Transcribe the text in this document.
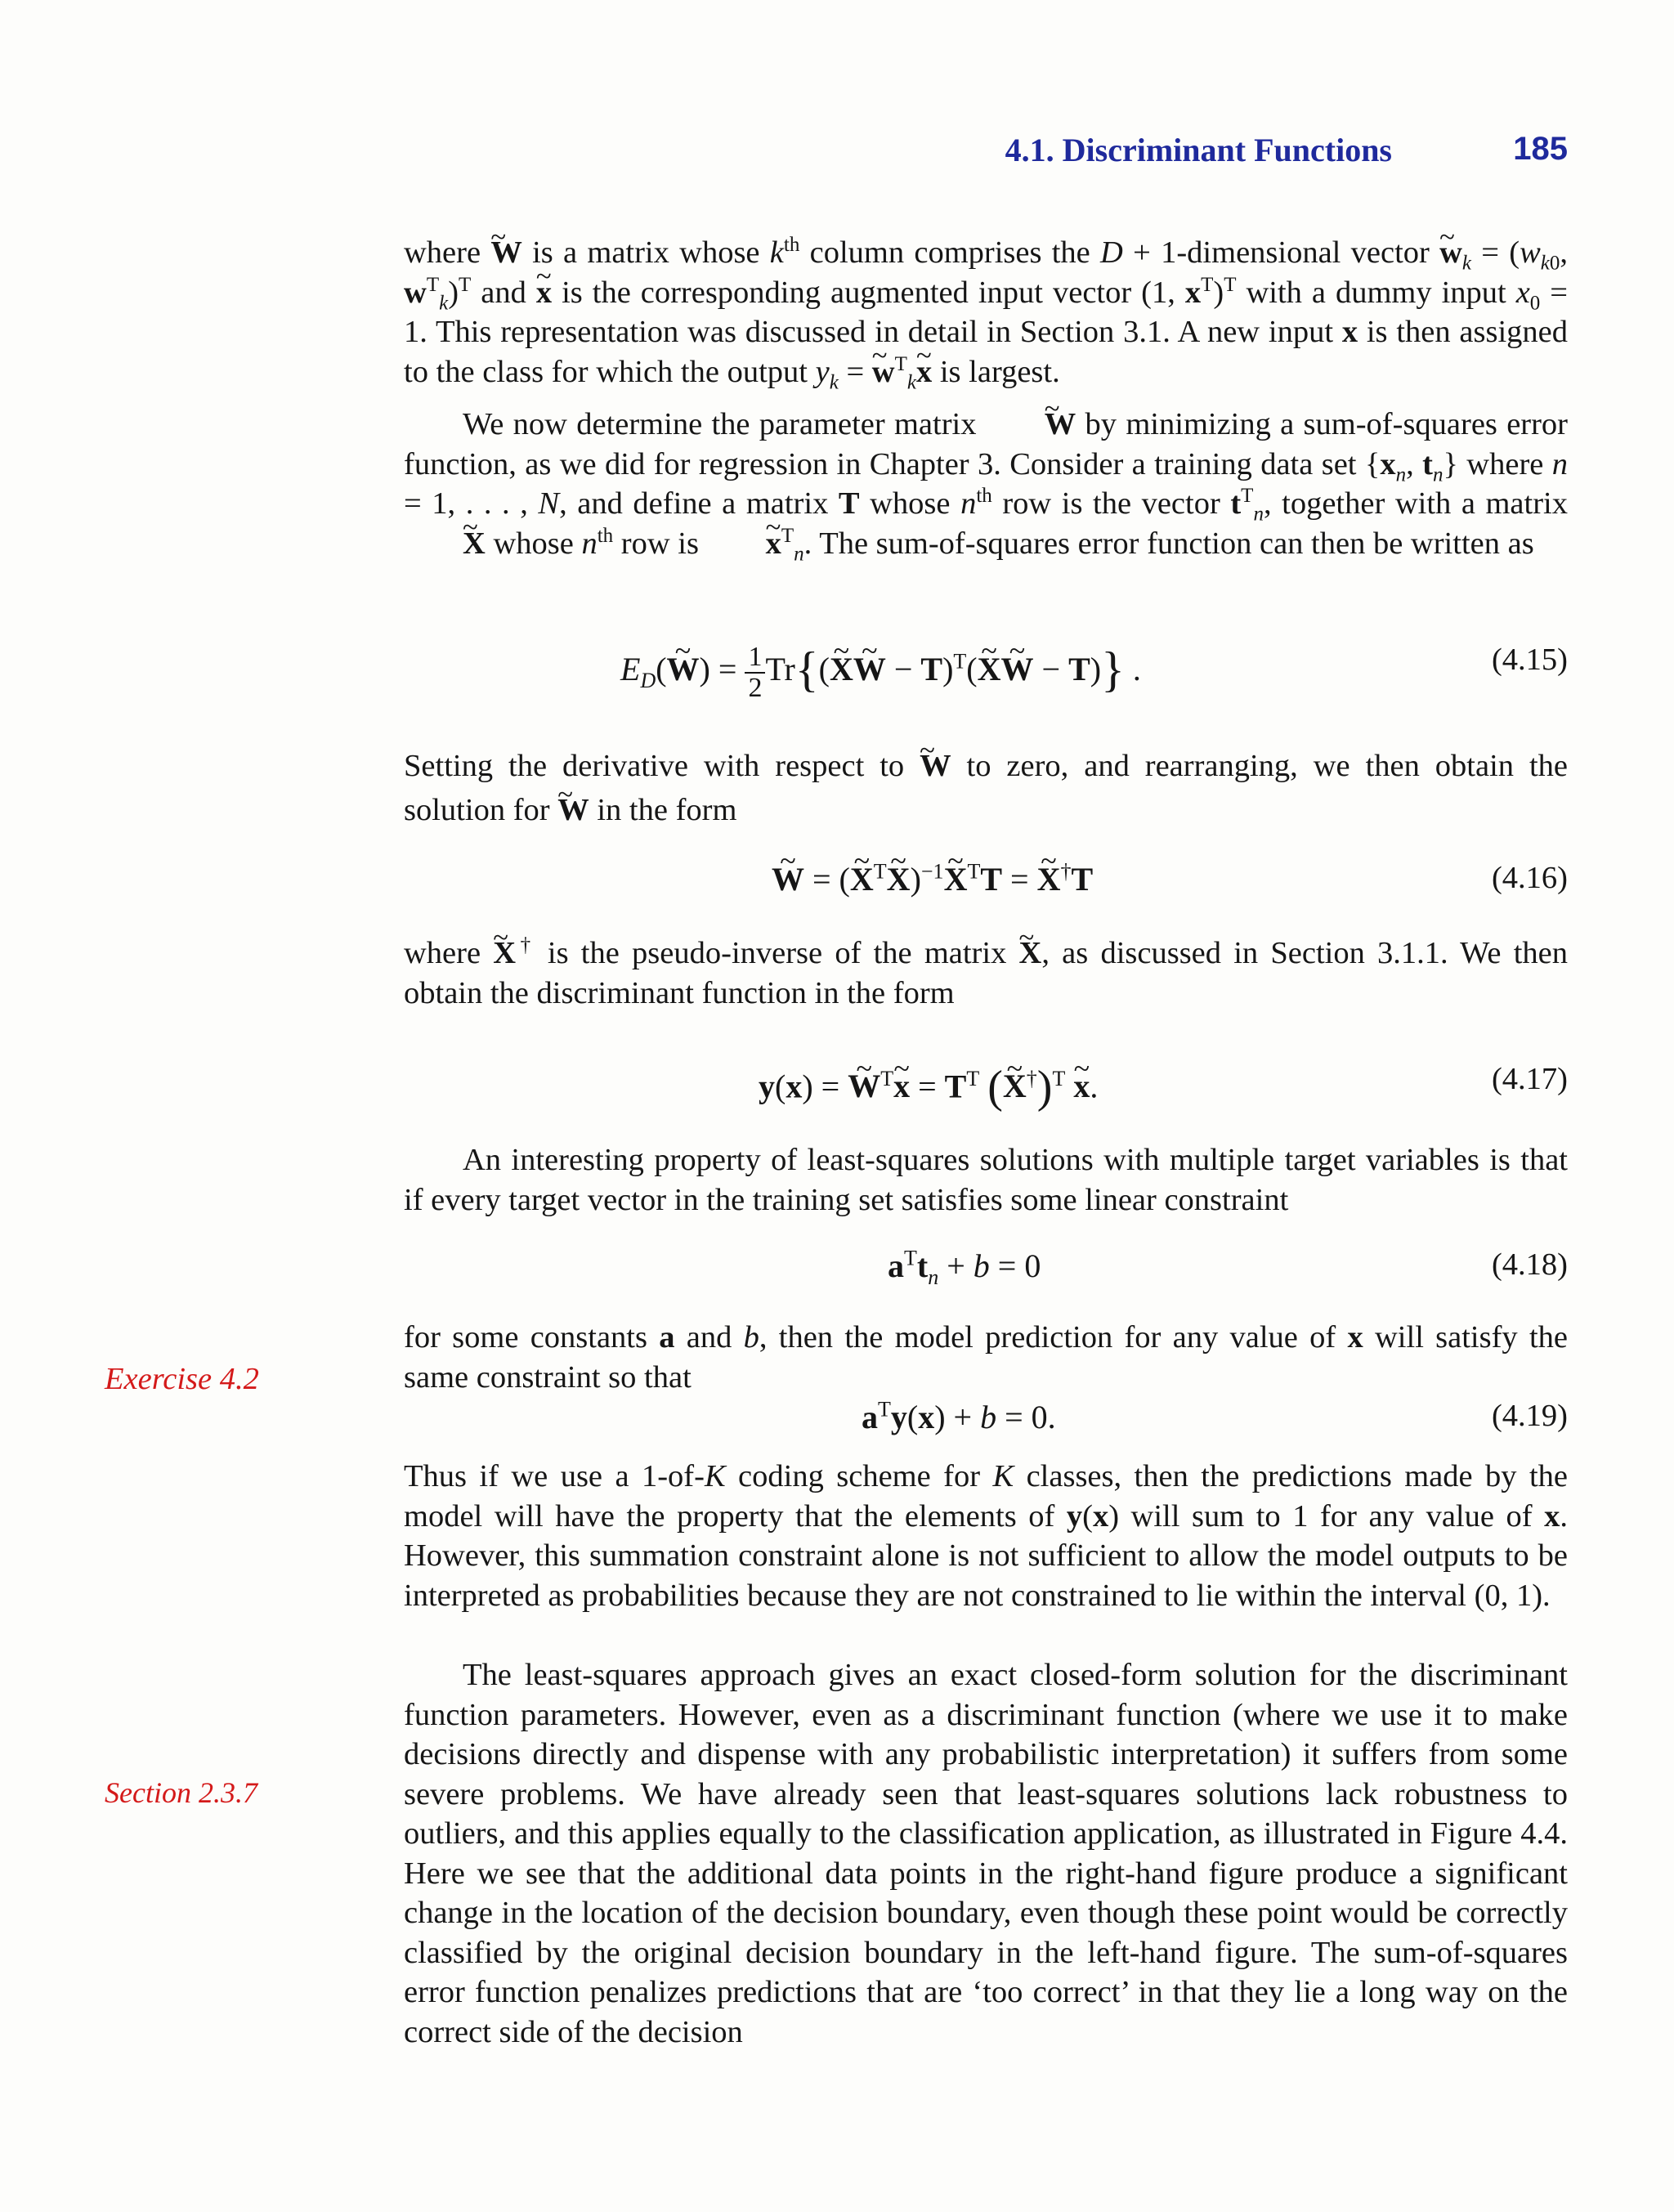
4.1. Discriminant Functions	185

where ~ W is a matrix whose $k^{th}$ column comprises the D + 1-dimensional vector ~ $w_k = (w_{k0}$, $w^T_k)^T$ and ~ x is the corresponding augmented input vector (1, $x^T)^T$ with a dummy input $x_0 = 1$. This representation was discussed in detail in Section 3.1. A new input x is then assigned to the class for which the output $y_k$ = ~ $w^T_k\sim$ x is largest.

We now determine the parameter matrix ~ W by minimizing a sum-of-squares error function, as we did for regression in Chapter 3. Consider a training data set {$x_n$, $t_n$} where n = 1, . . . , N, and define a matrix T whose $n^{th}$ row is the vector $t^T_n$, together with a matrix ~ X whose $n^{th}$ row is ~ $x^T_n$. The sum-of-squares error function can then be written as

$E_D(\sim$ $W) = \frac{1}{2}$ Tr{(~ X~ W − T)$^T$(~ X~ W − T)} .	(4.15)

Setting the derivative with respect to ~ W to zero, and rearranging, we then obtain the solution for ~ W in the form

~ W = (~ $X^T\sim$ X)$^{-1}$~ $X^TT$ = ~ X†T	(4.16)

where ~ X† is the pseudo-inverse of the matrix ~ X, as discussed in Section 3.1.1. We then obtain the discriminant function in the form

y(x) = ~ $W^T\sim$ $x = T^T$ (~ X†)$^T$ ~ x.	(4.17)

An interesting property of least-squares solutions with multiple target variables is that if every target vector in the training set satisfies some linear constraint

$a^Tt_n + b = 0$	(4.18)

for some constants a and b, then the model prediction for any value of x will satisfy the same constraint so that

Exercise 4.2
$a^Ty(x) + b = 0$.	(4.19)

Thus if we use a 1-of-K coding scheme for K classes, then the predictions made by the model will have the property that the elements of y(x) will sum to 1 for any value of x. However, this summation constraint alone is not sufficient to allow the model outputs to be interpreted as probabilities because they are not constrained to lie within the interval (0, 1).

The least-squares approach gives an exact closed-form solution for the discriminant function parameters. However, even as a discriminant function (where we use it to make decisions directly and dispense with any probabilistic interpretation) it suffers from some severe problems. We have already seen that least-squares solutions lack robustness to outliers, and this applies equally to the classification application, as illustrated in Figure 4.4. Here we see that the additional data points in the right-hand figure produce a significant change in the location of the decision boundary, even though these point would be correctly classified by the original decision boundary in the left-hand figure. The sum-of-squares error function penalizes predictions that are ‘too correct’ in that they lie a long way on the correct side of the decision

Section 2.3.7
